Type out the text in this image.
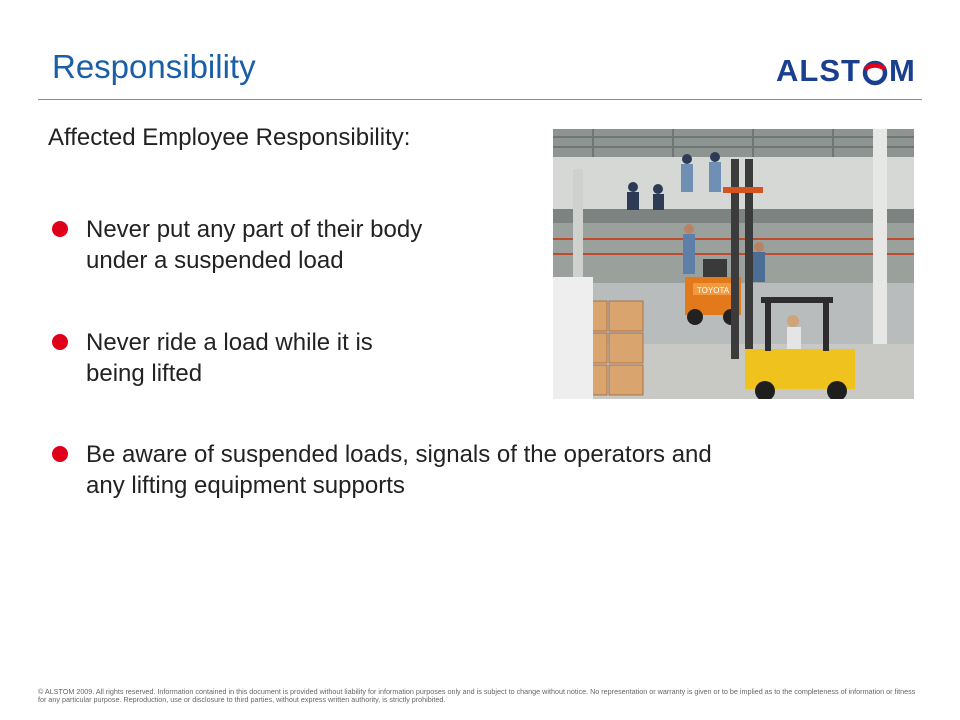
Responsibility	ALST M
Affected Employee Responsibility:
Never put any part of their body
under a suspended load
Never ride a load while it is
being lifted
Be aware of suspended loads, signals of the operators and
any lifting equipment supports
TOYOTA
© ALSTOM 2009. All rights reserved. Information contained in this document is provided without liability for information purposes only and is subject to change without notice. No representation or warranty is given or to be implied as to the completeness of information or fitness for any particular purpose. Reproduction, use or disclosure to third parties, without express written authority, is strictly prohibited.
